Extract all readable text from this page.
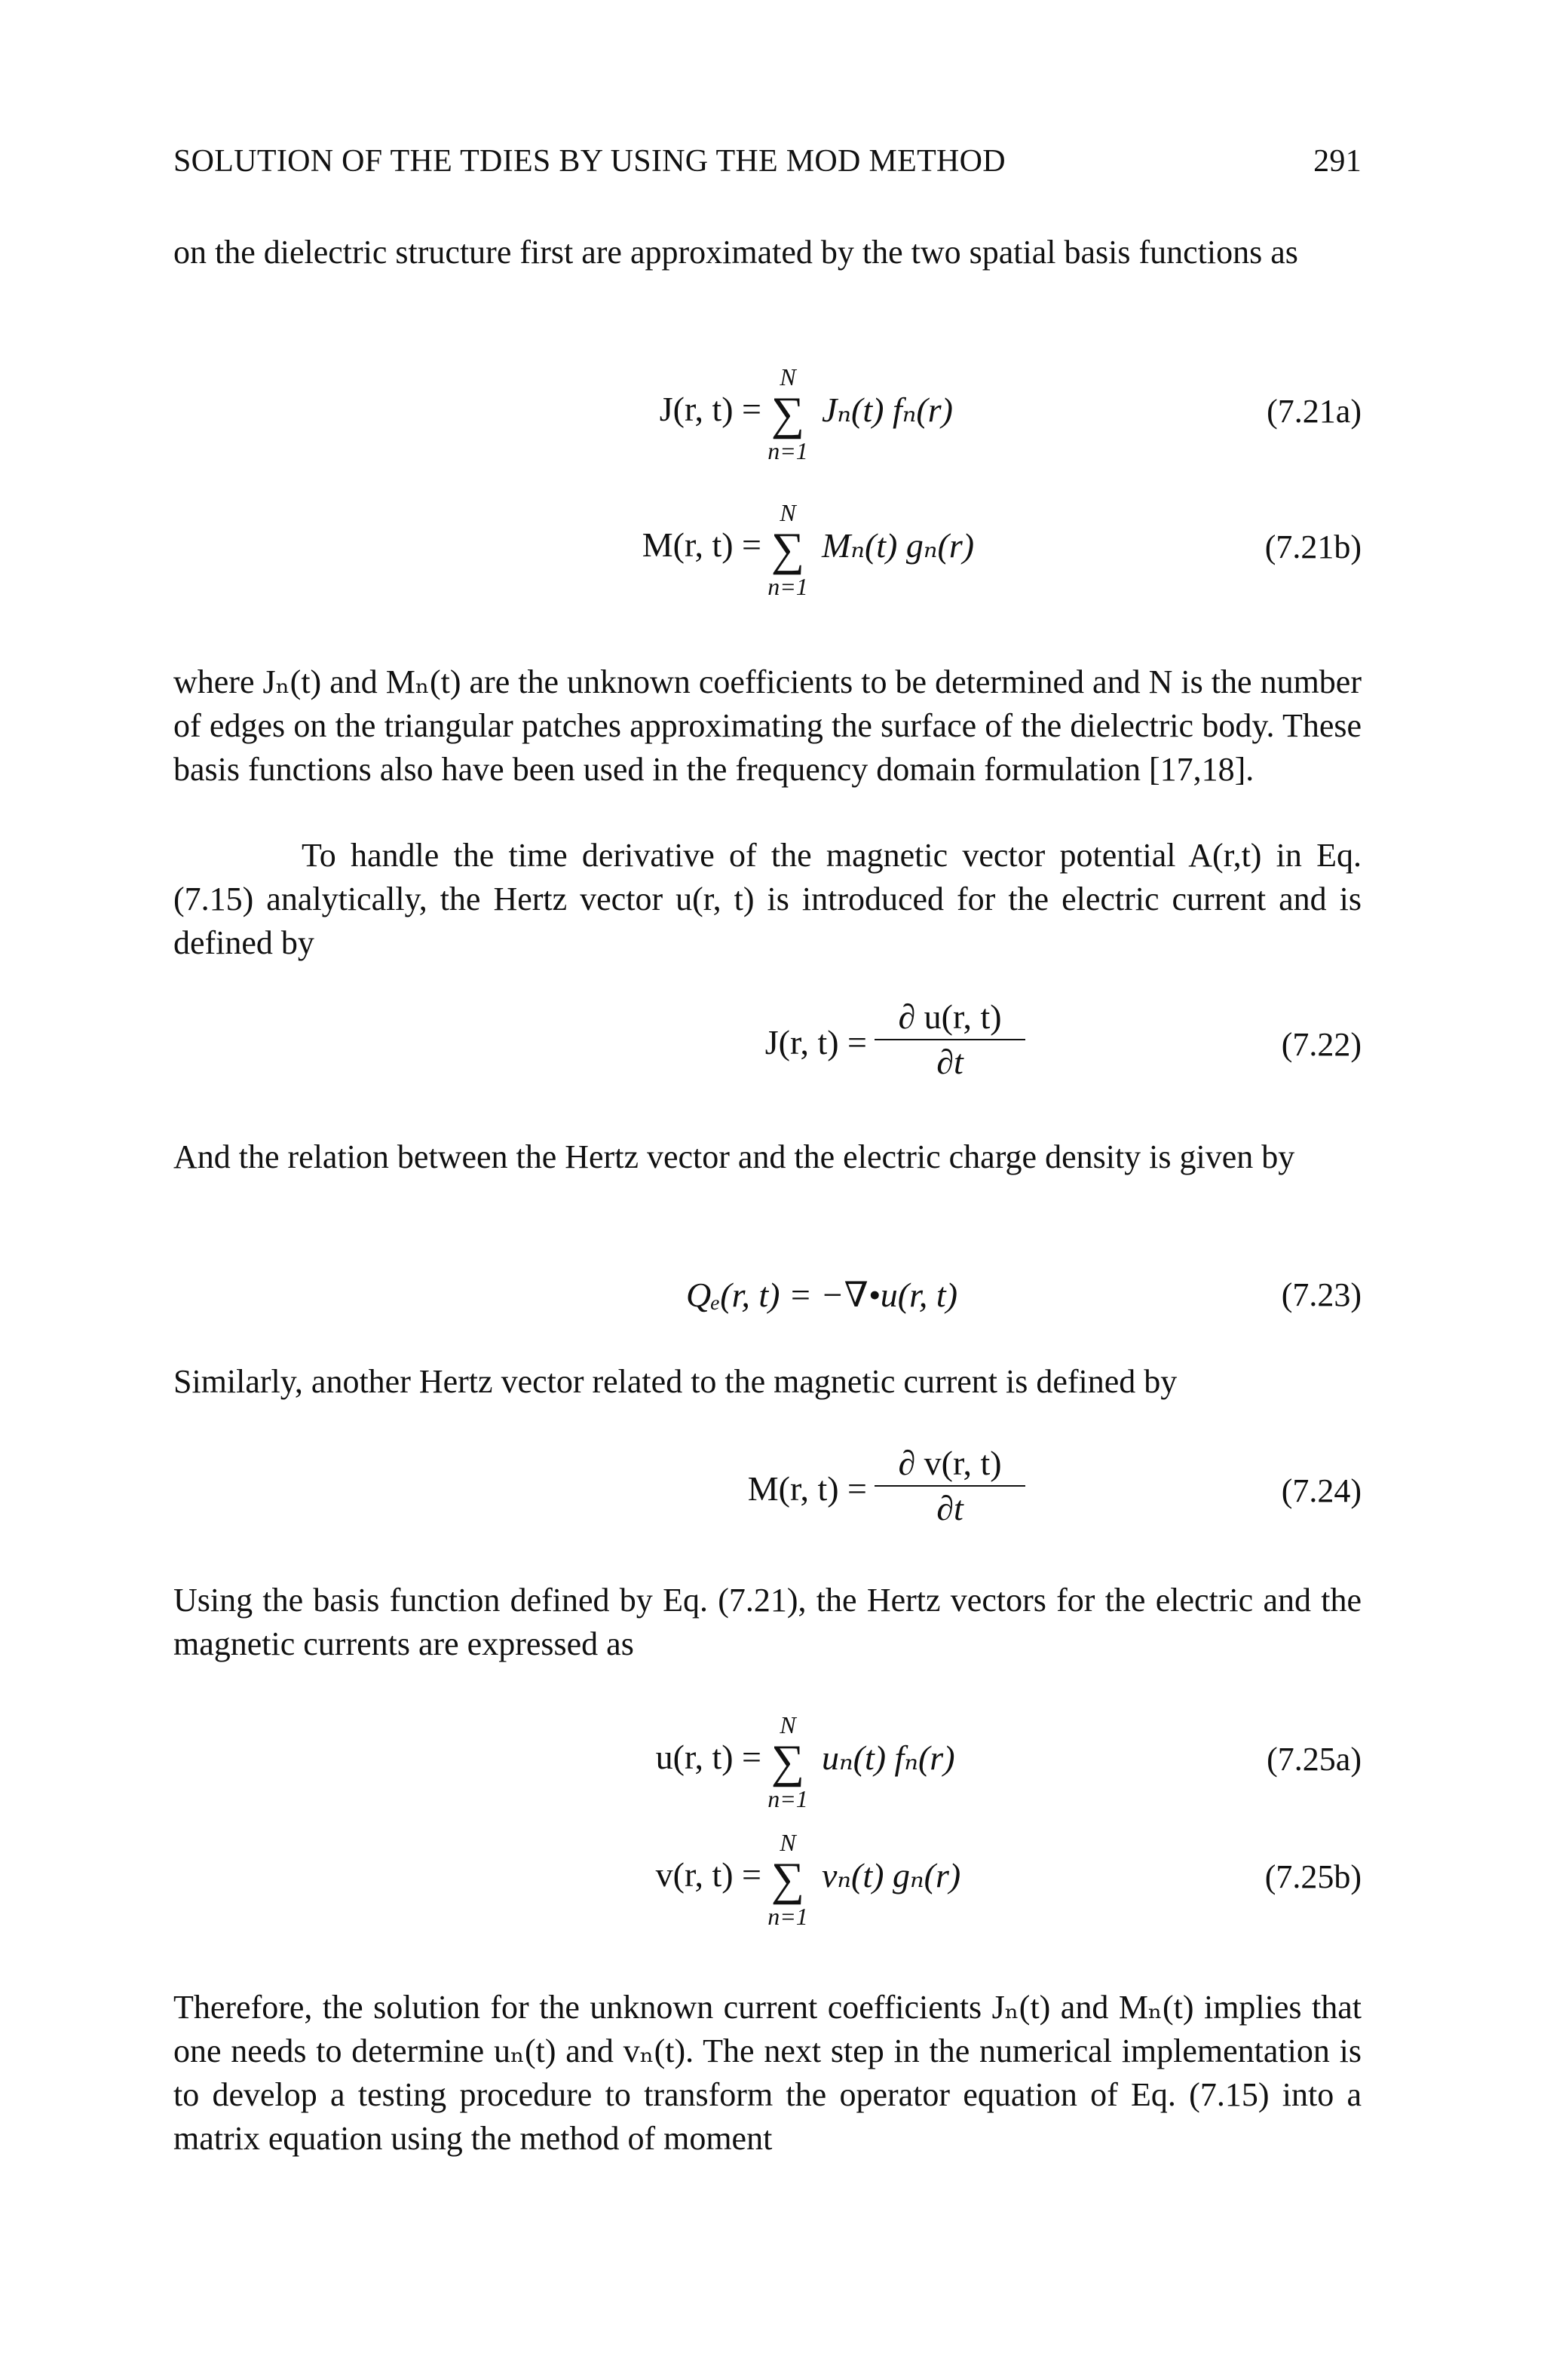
SOLUTION OF THE TDIES BY USING THE MOD METHOD	291

on the dielectric structure first are approximated by the two spatial basis functions as

J(r, t) =
N
∑
n=1
Jₙ(t) fₙ(r)	(7.21a)
M(r, t) =
N
∑
n=1
Mₙ(t) gₙ(r)	(7.21b)

where Jₙ(t) and Mₙ(t) are the unknown coefficients to be determined and N is the number of edges on the triangular patches approximating the surface of the dielectric body. These basis functions also have been used in the frequency domain formulation [17,18].

To handle the time derivative of the magnetic vector potential A(r,t) in Eq. (7.15) analytically, the Hertz vector u(r, t) is introduced for the electric current and is defined by

J(r, $t) = \frac{\partial u(r, t)}{\partial t}$	(7.22)

And the relation between the Hertz vector and the electric charge density is given by

Qₑ(r, t) = −∇•u(r, t)	(7.23)

Similarly, another Hertz vector related to the magnetic current is defined by

M(r, $t) = \frac{\partial v(r, t)}{\partial t}$	(7.24)

Using the basis function defined by Eq. (7.21), the Hertz vectors for the electric and the magnetic currents are expressed as

u(r, t) =
N
∑
n=1
uₙ(t) fₙ(r)	(7.25a)
v(r, t) =
N
∑
n=1
vₙ(t) gₙ(r)	(7.25b)

Therefore, the solution for the unknown current coefficients Jₙ(t) and Mₙ(t) implies that one needs to determine uₙ(t) and vₙ(t). The next step in the numerical implementation is to develop a testing procedure to transform the operator equation of Eq. (7.15) into a matrix equation using the method of moment
